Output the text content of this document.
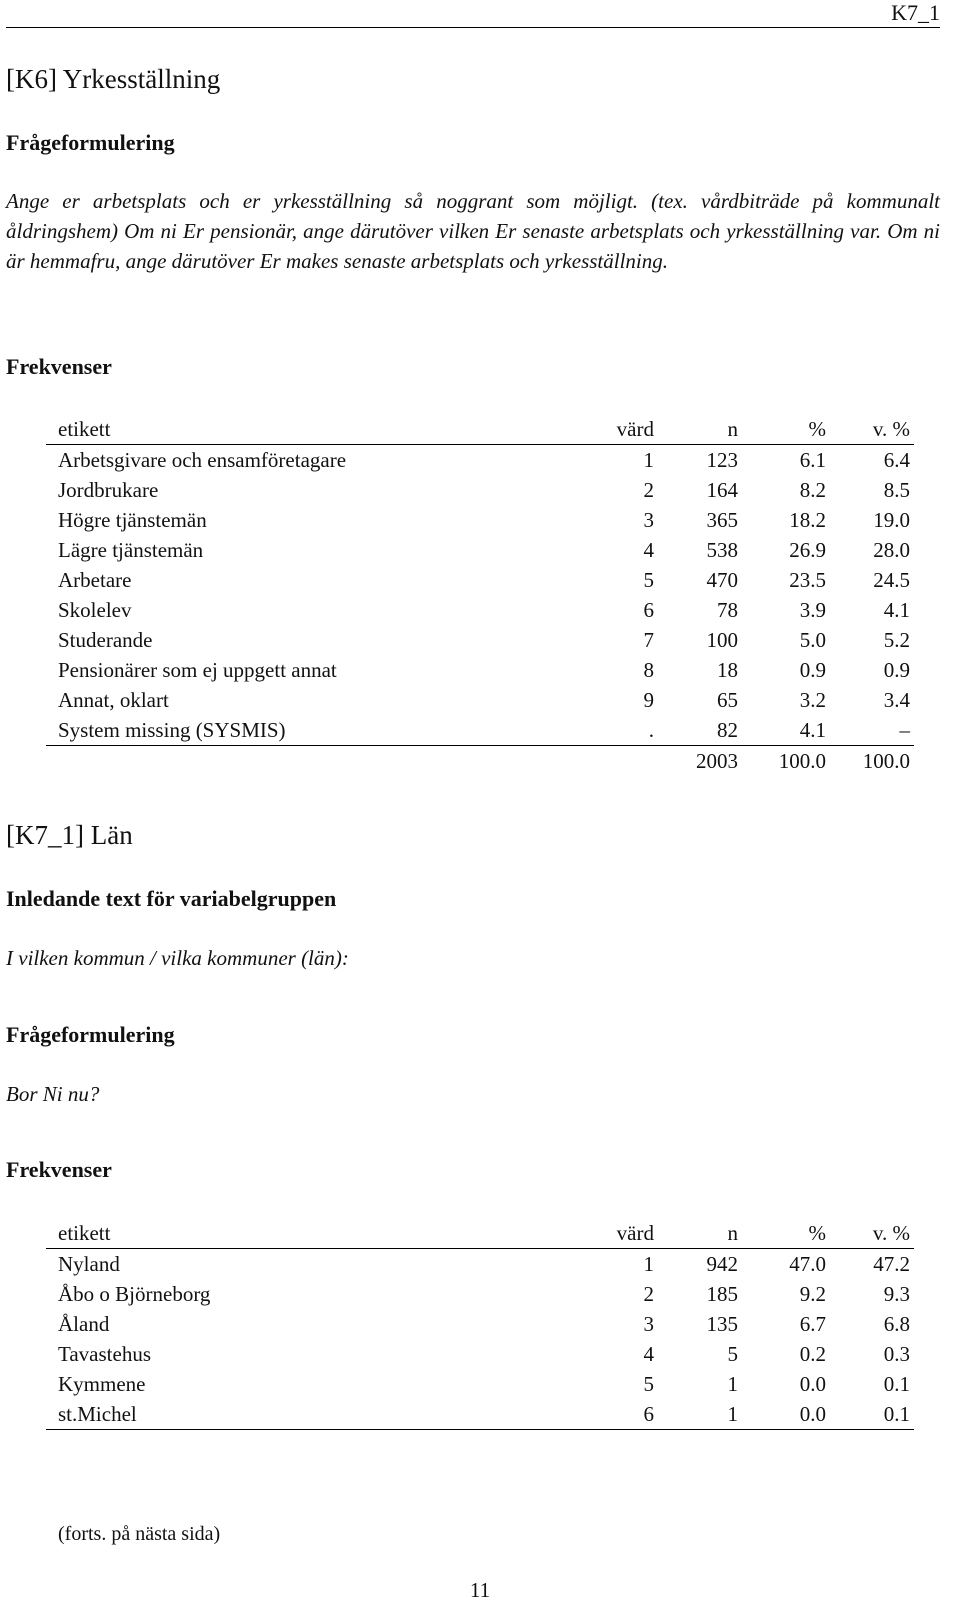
K7_1
[K6] Yrkesställning
Frågeformulering
Ange er arbetsplats och er yrkesställning så noggrant som möjligt. (tex. vårdbiträde på kommunalt åldringshem) Om ni Er pensionär, ange därutöver vilken Er senaste arbetsplats och yrkesställning var. Om ni är hemmafru, ange därutöver Er makes senaste arbetsplats och yrkesställning.
Frekvenser
etikett	värd	n	%	v. %
Arbetsgivare och ensamföretagare	1	123	6.1	6.4
Jordbrukare	2	164	8.2	8.5
Högre tjänstemän	3	365	18.2	19.0
Lägre tjänstemän	4	538	26.9	28.0
Arbetare	5	470	23.5	24.5
Skolelev	6	78	3.9	4.1
Studerande	7	100	5.0	5.2
Pensionärer som ej uppgett annat	8	18	0.9	0.9
Annat, oklart	9	65	3.2	3.4
System missing (SYSMIS)	.	82	4.1	–
		2003	100.0	100.0
[K7_1] Län
Inledande text för variabelgruppen
I vilken kommun / vilka kommuner (län):
Frågeformulering
Bor Ni nu?
Frekvenser
etikett	värd	n	%	v. %
Nyland	1	942	47.0	47.2
Åbo o Björneborg	2	185	9.2	9.3
Åland	3	135	6.7	6.8
Tavastehus	4	5	0.2	0.3
Kymmene	5	1	0.0	0.1
st.Michel	6	1	0.0	0.1
(forts. på nästa sida)
11
